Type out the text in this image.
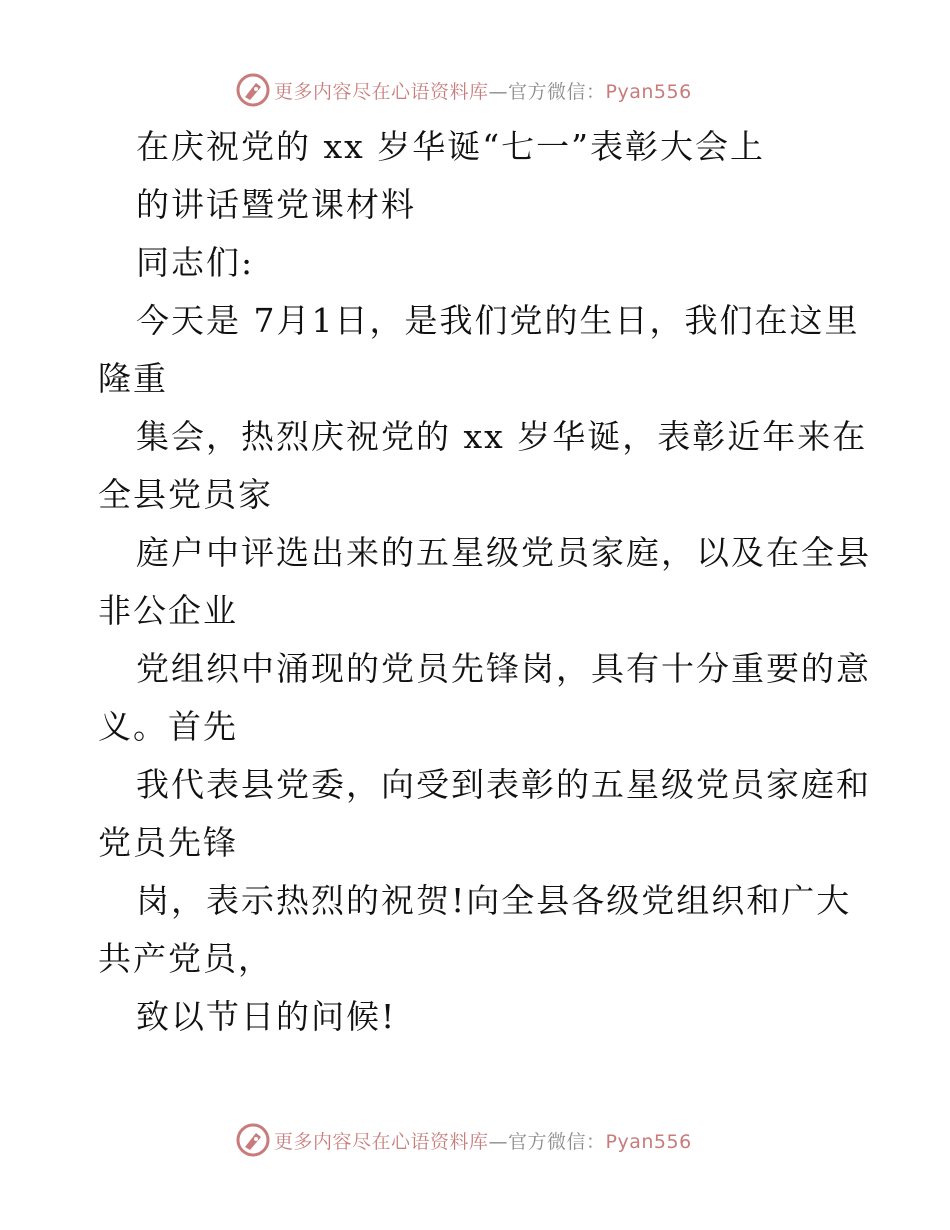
更多内容尽在心语资料库—官方微信：Pyan556

在庆祝党的 xx 岁华诞“七一”表彰大会上

的讲话暨党课材料

同志们:

今天是 7月1日，是我们党的生日，我们在这里

隆重

集会，热烈庆祝党的 xx 岁华诞，表彰近年来在

全县党员家

庭户中评选出来的五星级党员家庭，以及在全县

非公企业

党组织中涌现的党员先锋岗，具有十分重要的意

义。首先

我代表县党委，向受到表彰的五星级党员家庭和

党员先锋

岗，表示热烈的祝贺!向全县各级党组织和广大

共产党员，

致以节日的问候!

更多内容尽在心语资料库—官方微信：Pyan556
